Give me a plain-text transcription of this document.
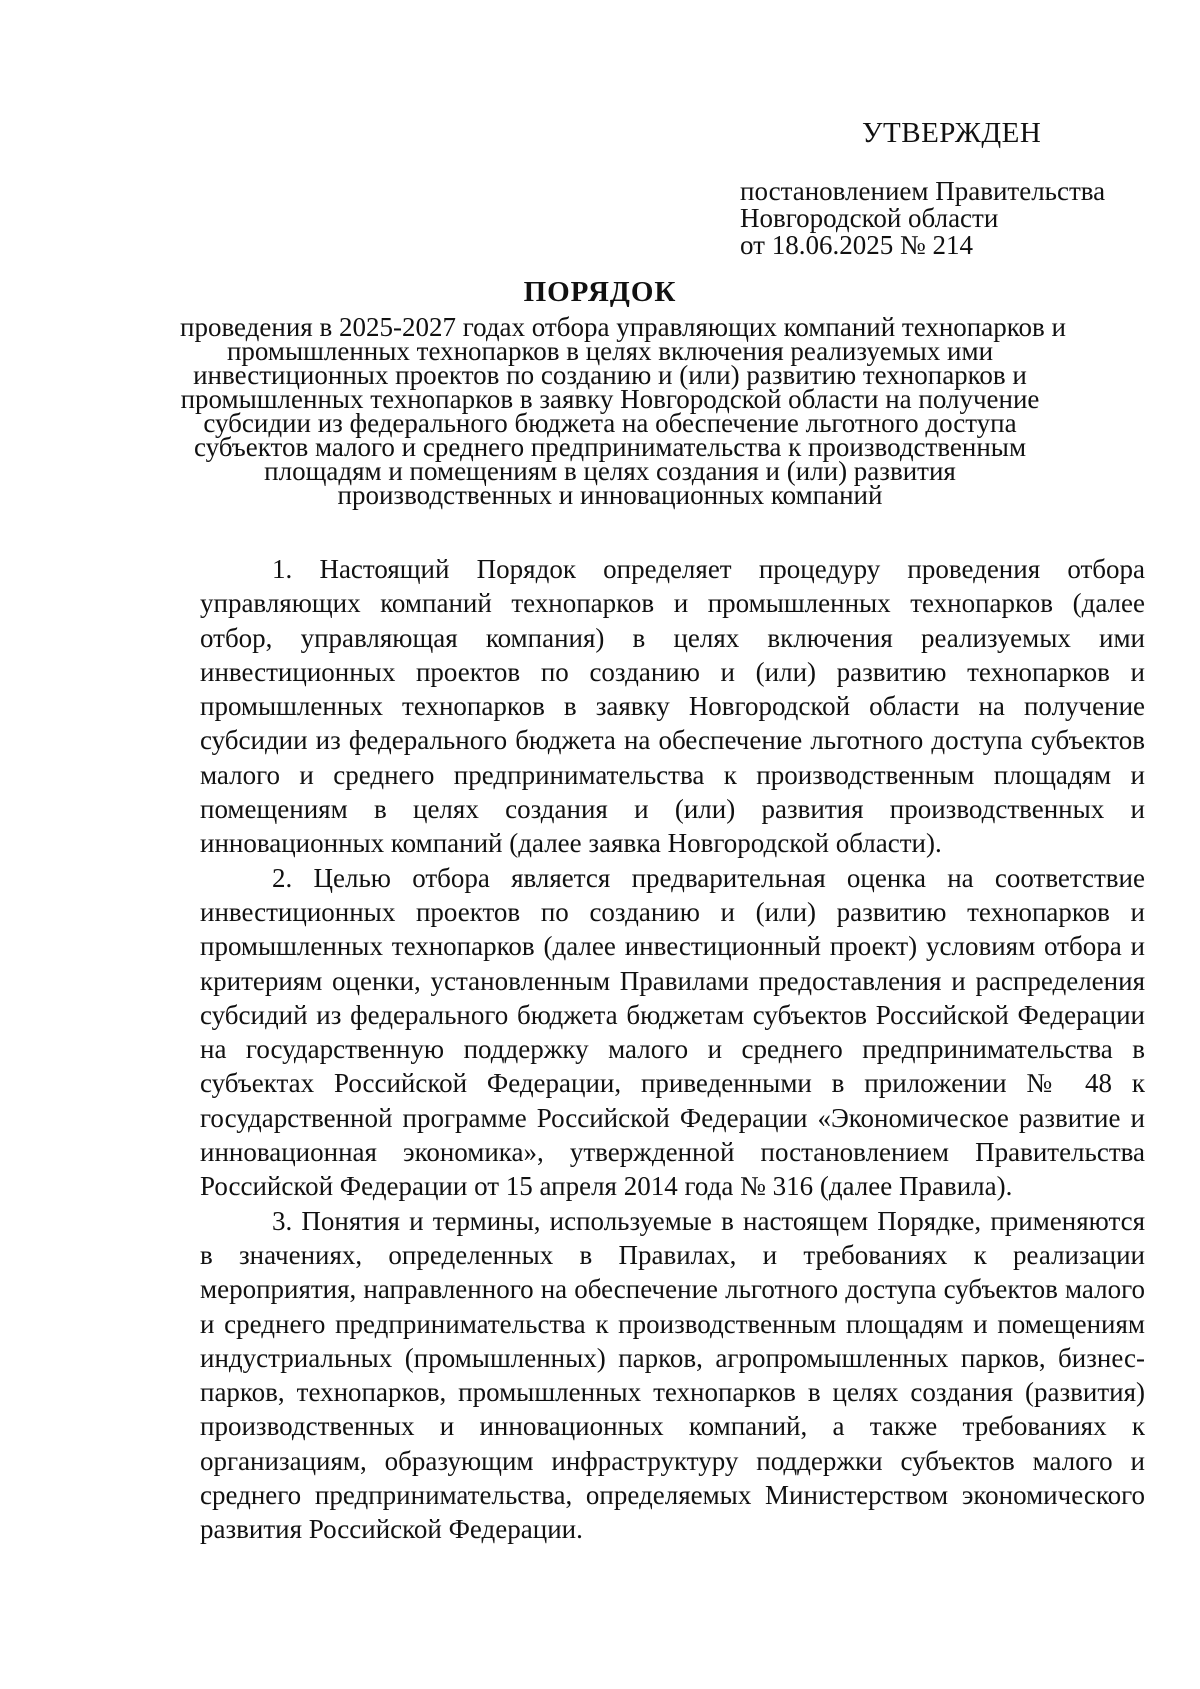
УТВЕРЖДЕН
постановлением Правительства
Новгородской области
от 18.06.2025 № 214
ПОРЯДОК
проведения в 2025-2027 годах отбора управляющих компаний технопарков и
промышленных технопарков в целях включения реализуемых ими
инвестиционных проектов по созданию и (или) развитию технопарков и
промышленных технопарков в заявку Новгородской области на получение
субсидии из федерального бюджета на обеспечение льготного доступа
субъектов малого и среднего предпринимательства к производственным
площадям и помещениям в целях создания и (или) развития
производственных и инновационных компаний

1. Настоящий Порядок определяет процедуру проведения отбора управляющих компаний технопарков и промышленных технопарков (далее отбор, управляющая компания) в целях включения реализуемых ими инвестиционных проектов по созданию и (или) развитию технопарков и промышленных технопарков в заявку Новгородской области на получение субсидии из федерального бюджета на обеспечение льготного доступа субъектов малого и среднего предпринимательства к производственным площадям и помещениям в целях создания и (или) развития производственных и инновационных компаний (далее заявка Новгородской области).

2. Целью отбора является предварительная оценка на соответствие инвестиционных проектов по созданию и (или) развитию технопарков и промышленных технопарков (далее инвестиционный проект) условиям отбора и критериям оценки, установленным Правилами предоставления и распределения субсидий из федерального бюджета бюджетам субъектов Российской Федерации на государственную поддержку малого и среднего предпринимательства в субъектах Российской Федерации, приведенными в приложении № 48 к государственной программе Российской Федерации «Экономическое развитие и инновационная экономика», утвержденной постановлением Правительства Российской Федерации от 15 апреля 2014 года № 316 (далее Правила).

3. Понятия и термины, используемые в настоящем Порядке, применяются в значениях, определенных в Правилах, и требованиях к реализации мероприятия, направленного на обеспечение льготного доступа субъектов малого и среднего предпринимательства к производственным площадям и помещениям индустриальных (промышленных) парков, агропромышленных парков, бизнес-парков, технопарков, промышленных технопарков в целях создания (развития) производственных и инновационных компаний, а также требованиях к организациям, образующим инфраструктуру поддержки субъектов малого и среднего предпринимательства, определяемых Министерством экономического развития Российской Федерации.
